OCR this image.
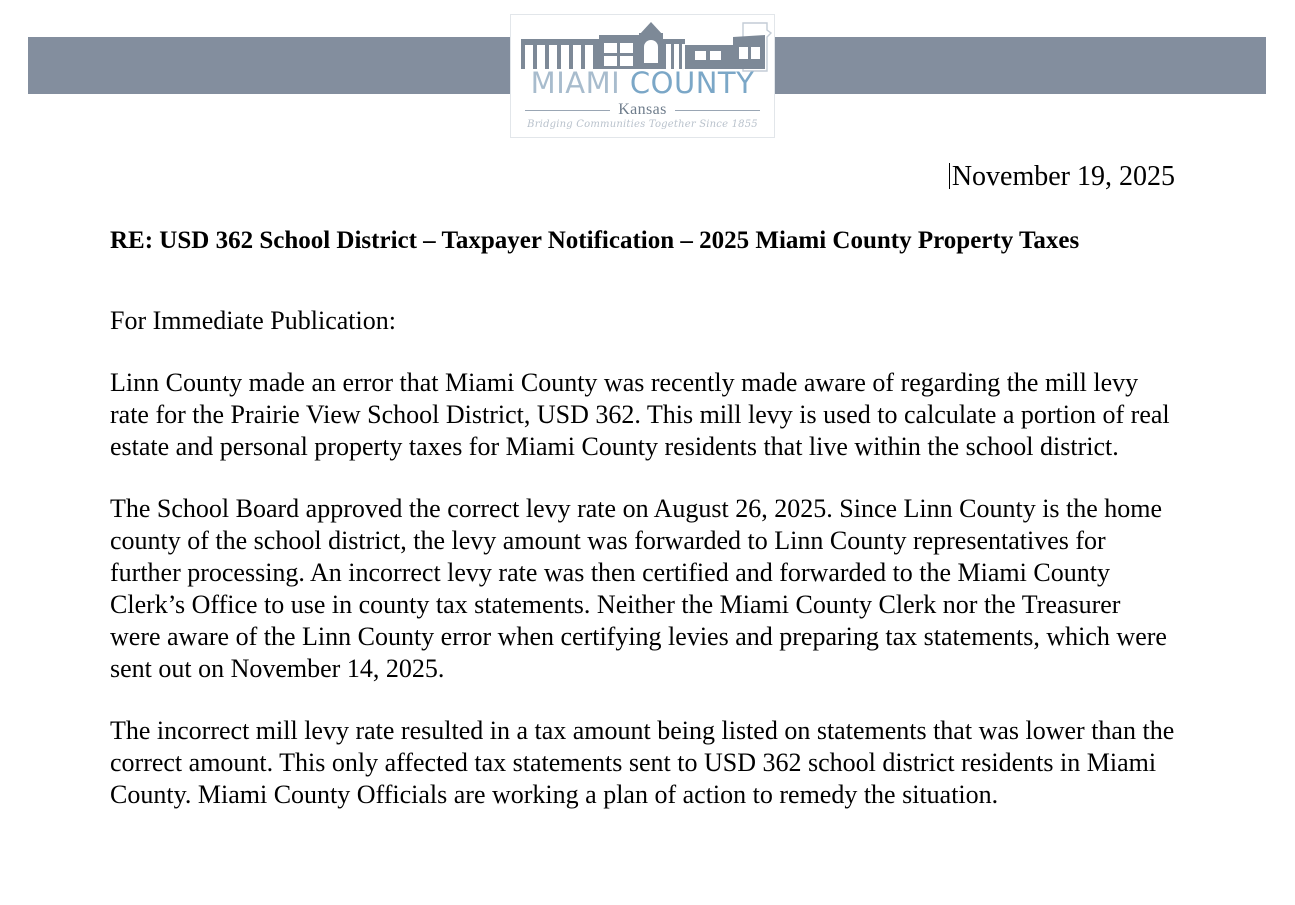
MIAMI COUNTY
Kansas
Bridging Communities Together Since 1855
November 19, 2025
RE: USD 362 School District – Taxpayer Notification – 2025 Miami County Property Taxes

For Immediate Publication:

Linn County made an error that Miami County was recently made aware of regarding the mill levy rate for the Prairie View School District, USD 362. This mill levy is used to calculate a portion of real estate and personal property taxes for Miami County residents that live within the school district.

The School Board approved the correct levy rate on August 26, 2025. Since Linn County is the home county of the school district, the levy amount was forwarded to Linn County representatives for further processing. An incorrect levy rate was then certified and forwarded to the Miami County Clerk’s Office to use in county tax statements. Neither the Miami County Clerk nor the Treasurer were aware of the Linn County error when certifying levies and preparing tax statements, which were sent out on November 14, 2025.

The incorrect mill levy rate resulted in a tax amount being listed on statements that was lower than the correct amount. This only affected tax statements sent to USD 362 school district residents in Miami County. Miami County Officials are working a plan of action to remedy the situation.
